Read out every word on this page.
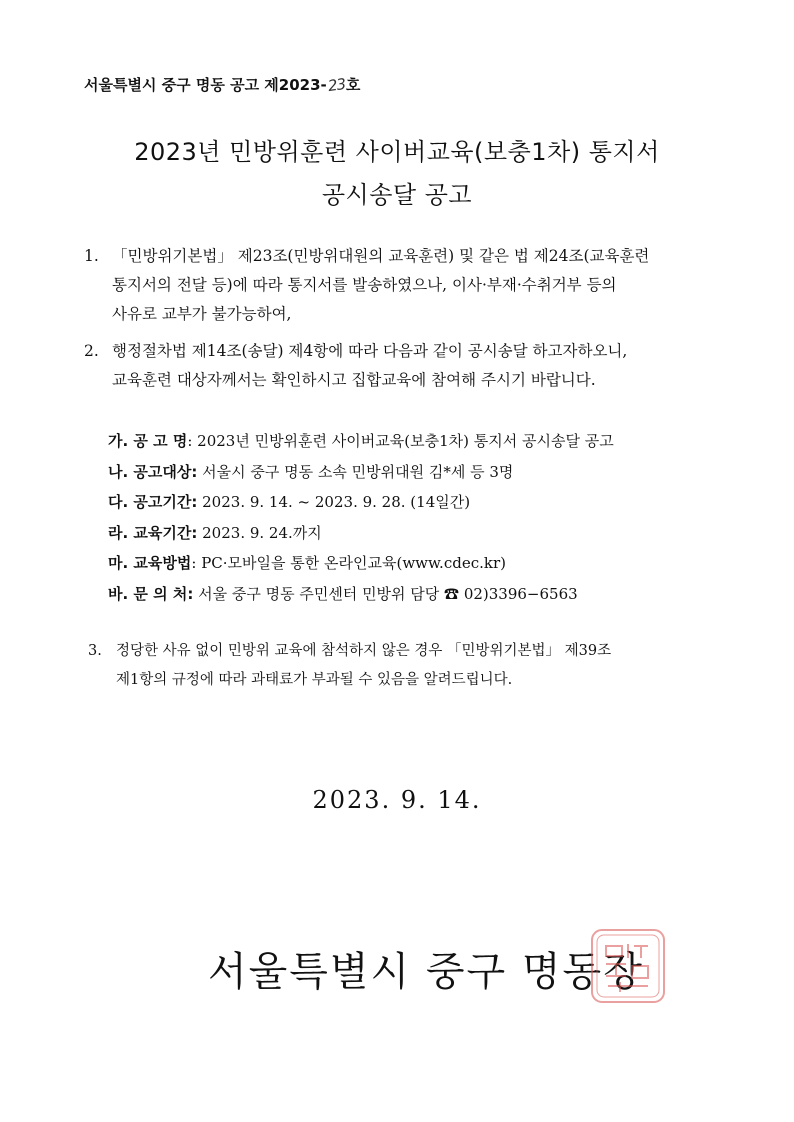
서울특별시 중구 명동 공고 제2023-23호
2023년 민방위훈련 사이버교육(보충1차) 통지서
공시송달 공고
1. 「민방위기본법」 제23조(민방위대원의 교육훈련) 및 같은 법 제24조(교육훈련
통지서의 전달 등)에 따라 통지서를 발송하였으나, 이사·부재·수취거부 등의
사유로 교부가 불가능하여,
2. 행정절차법 제14조(송달) 제4항에 따라 다음과 같이 공시송달 하고자하오니,
교육훈련 대상자께서는 확인하시고 집합교육에 참여해 주시기 바랍니다.
가. 공 고 명: 2023년 민방위훈련 사이버교육(보충1차) 통지서 공시송달 공고
나. 공고대상: 서울시 중구 명동 소속 민방위대원 김*세 등 3명
다. 공고기간: 2023. 9. 14. ~ 2023. 9. 28. (14일간)
라. 교육기간: 2023. 9. 24.까지
마. 교육방법: PC·모바일을 통한 온라인교육(www.cdec.kr)
바. 문 의 처: 서울 중구 명동 주민센터 민방위 담당 ☎ 02)3396−6563
3. 정당한 사유 없이 민방위 교육에 참석하지 않은 경우 「민방위기본법」 제39조
제1항의 규정에 따라 과태료가 부과될 수 있음을 알려드립니다.
2023. 9. 14.
서울특별시 중구 명동장
